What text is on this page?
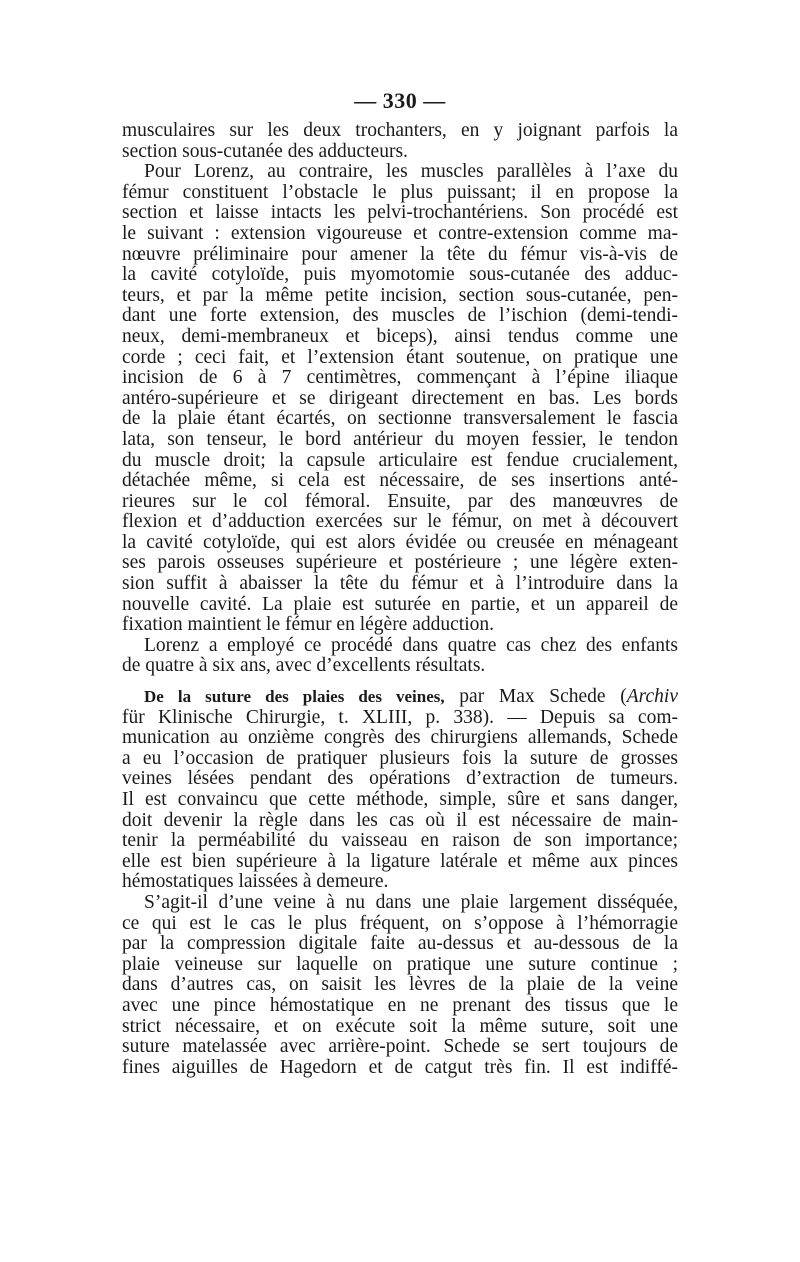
— 330 —

musculaires sur les deux trochanters, en y joignant parfois la
section sous-cutanée des adducteurs.

Pour Lorenz, au contraire, les muscles parallèles à l’axe du
fémur constituent l’obstacle le plus puissant; il en propose la
section et laisse intacts les pelvi-trochantériens. Son procédé est
le suivant : extension vigoureuse et contre-extension comme ma-
nœuvre préliminaire pour amener la tête du fémur vis-à-vis de
la cavité cotyloïde, puis myomotomie sous-cutanée des adduc-
teurs, et par la même petite incision, section sous-cutanée, pen-
dant une forte extension, des muscles de l’ischion (demi-tendi-
neux, demi-membraneux et biceps), ainsi tendus comme une
corde ; ceci fait, et l’extension étant soutenue, on pratique une
incision de 6 à 7 centimètres, commençant à l’épine iliaque
antéro-supérieure et se dirigeant directement en bas. Les bords
de la plaie étant écartés, on sectionne transversalement le fascia
lata, son tenseur, le bord antérieur du moyen fessier, le tendon
du muscle droit; la capsule articulaire est fendue crucialement,
détachée même, si cela est nécessaire, de ses insertions anté-
rieures sur le col fémoral. Ensuite, par des manœuvres de
flexion et d’adduction exercées sur le fémur, on met à découvert
la cavité cotyloïde, qui est alors évidée ou creusée en ménageant
ses parois osseuses supérieure et postérieure ; une légère exten-
sion suffit à abaisser la tête du fémur et à l’introduire dans la
nouvelle cavité. La plaie est suturée en partie, et un appareil de
fixation maintient le fémur en légère adduction.

Lorenz a employé ce procédé dans quatre cas chez des enfants
de quatre à six ans, avec d’excellents résultats.

De la suture des plaies des veines, par Max Schede (Archiv
für Klinische Chirurgie, t. XLIII, p. 338). — Depuis sa com-
munication au onzième congrès des chirurgiens allemands, Schede
a eu l’occasion de pratiquer plusieurs fois la suture de grosses
veines lésées pendant des opérations d’extraction de tumeurs.
Il est convaincu que cette méthode, simple, sûre et sans danger,
doit devenir la règle dans les cas où il est nécessaire de main-
tenir la perméabilité du vaisseau en raison de son importance;
elle est bien supérieure à la ligature latérale et même aux pinces
hémostatiques laissées à demeure.

S’agit-il d’une veine à nu dans une plaie largement disséquée,
ce qui est le cas le plus fréquent, on s’oppose à l’hémorragie
par la compression digitale faite au-dessus et au-dessous de la
plaie veineuse sur laquelle on pratique une suture continue ;
dans d’autres cas, on saisit les lèvres de la plaie de la veine
avec une pince hémostatique en ne prenant des tissus que le
strict nécessaire, et on exécute soit la même suture, soit une
suture matelassée avec arrière-point. Schede se sert toujours de
fines aiguilles de Hagedorn et de catgut très fin. Il est indiffé-
